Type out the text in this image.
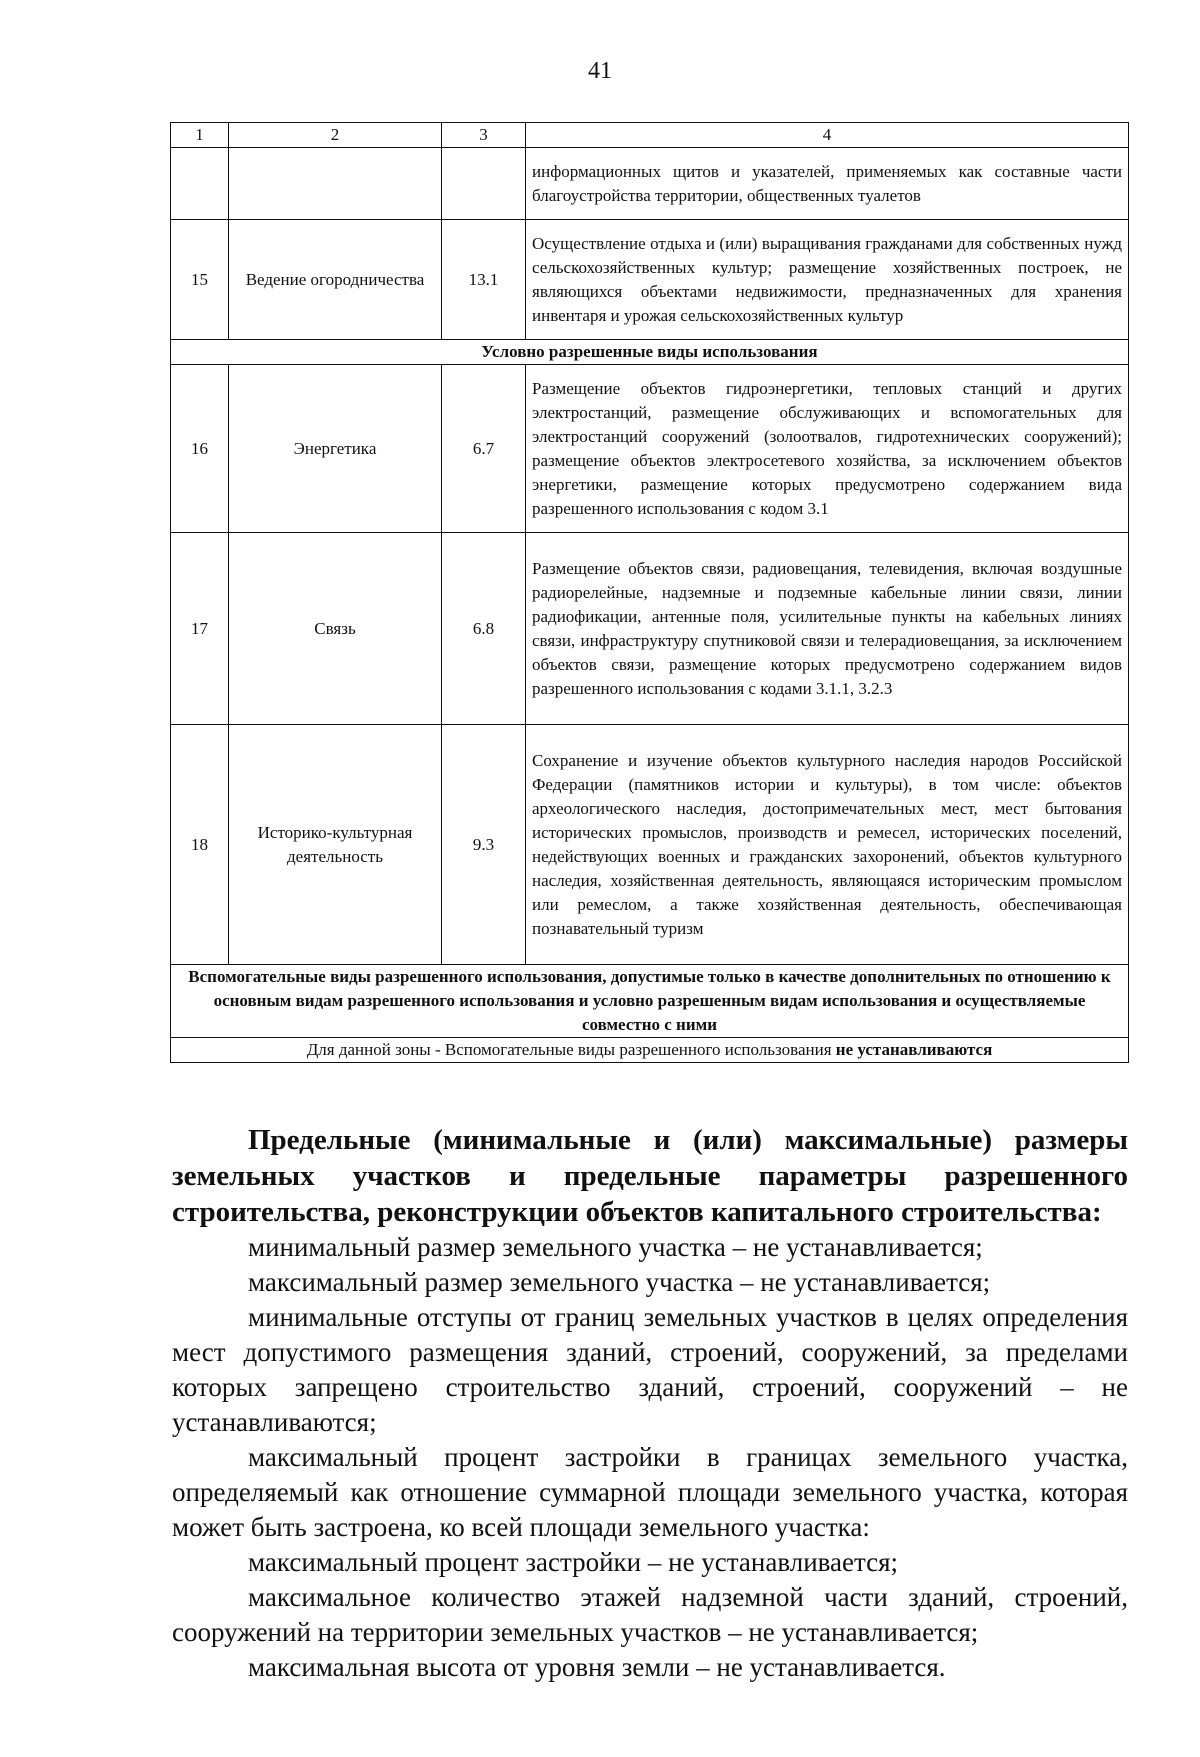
41
1	2	3	4
			информационных щитов и указателей, применяемых как составные части благоустройства территории, общественных туалетов
15	Ведение огородничества	13.1	Осуществление отдыха и (или) выращивания гражданами для собственных нужд сельскохозяйственных культур; размещение хозяйственных построек, не являющихся объектами недвижимости, предназначенных для хранения инвентаря и урожая сельскохозяйственных культур
Условно разрешенные виды использования			
16	Энергетика	6.7	Размещение объектов гидроэнергетики, тепловых станций и других электростанций, размещение обслуживающих и вспомогательных для электростанций сооружений (золоотвалов, гидротехнических сооружений); размещение объектов электросетевого хозяйства, за исключением объектов энергетики, размещение которых предусмотрено содержанием вида разрешенного использования с кодом 3.1
17	Связь	6.8	Размещение объектов связи, радиовещания, телевидения, включая воздушные радиорелейные, надземные и подземные кабельные линии связи, линии радиофикации, антенные поля, усилительные пункты на кабельных линиях связи, инфраструктуру спутниковой связи и телерадиовещания, за исключением объектов связи, размещение которых предусмотрено содержанием видов разрешенного использования с кодами 3.1.1, 3.2.3
18	Историко-культурная деятельность	9.3	Сохранение и изучение объектов культурного наследия народов Российской Федерации (памятников истории и культуры), в том числе: объектов археологического наследия, достопримечательных мест, мест бытования исторических промыслов, производств и ремесел, исторических поселений, недействующих военных и гражданских захоронений, объектов культурного наследия, хозяйственная деятельность, являющаяся историческим промыслом или ремеслом, а также хозяйственная деятельность, обеспечивающая познавательный туризм
Вспомогательные виды разрешенного использования, допустимые только в качестве дополнительных по отношению к основным видам разрешенного использования и условно разрешенным видам использования и осуществляемые совместно с ними			
Для данной зоны - Вспомогательные виды разрешенного использования не устанавливаются			

Предельные (минимальные и (или) максимальные) размеры земельных участков и предельные параметры разрешенного строительства, реконструкции объектов капитального строительства:

минимальный размер земельного участка – не устанавливается;

максимальный размер земельного участка – не устанавливается;

минимальные отступы от границ земельных участков в целях определения мест допустимого размещения зданий, строений, сооружений, за пределами которых запрещено строительство зданий, строений, сооружений – не устанавливаются;

максимальный процент застройки в границах земельного участка, определяемый как отношение суммарной площади земельного участка, которая может быть застроена, ко всей площади земельного участка:

максимальный процент застройки – не устанавливается;

максимальное количество этажей надземной части зданий, строений, сооружений на территории земельных участков – не устанавливается;

максимальная высота от уровня земли – не устанавливается.
